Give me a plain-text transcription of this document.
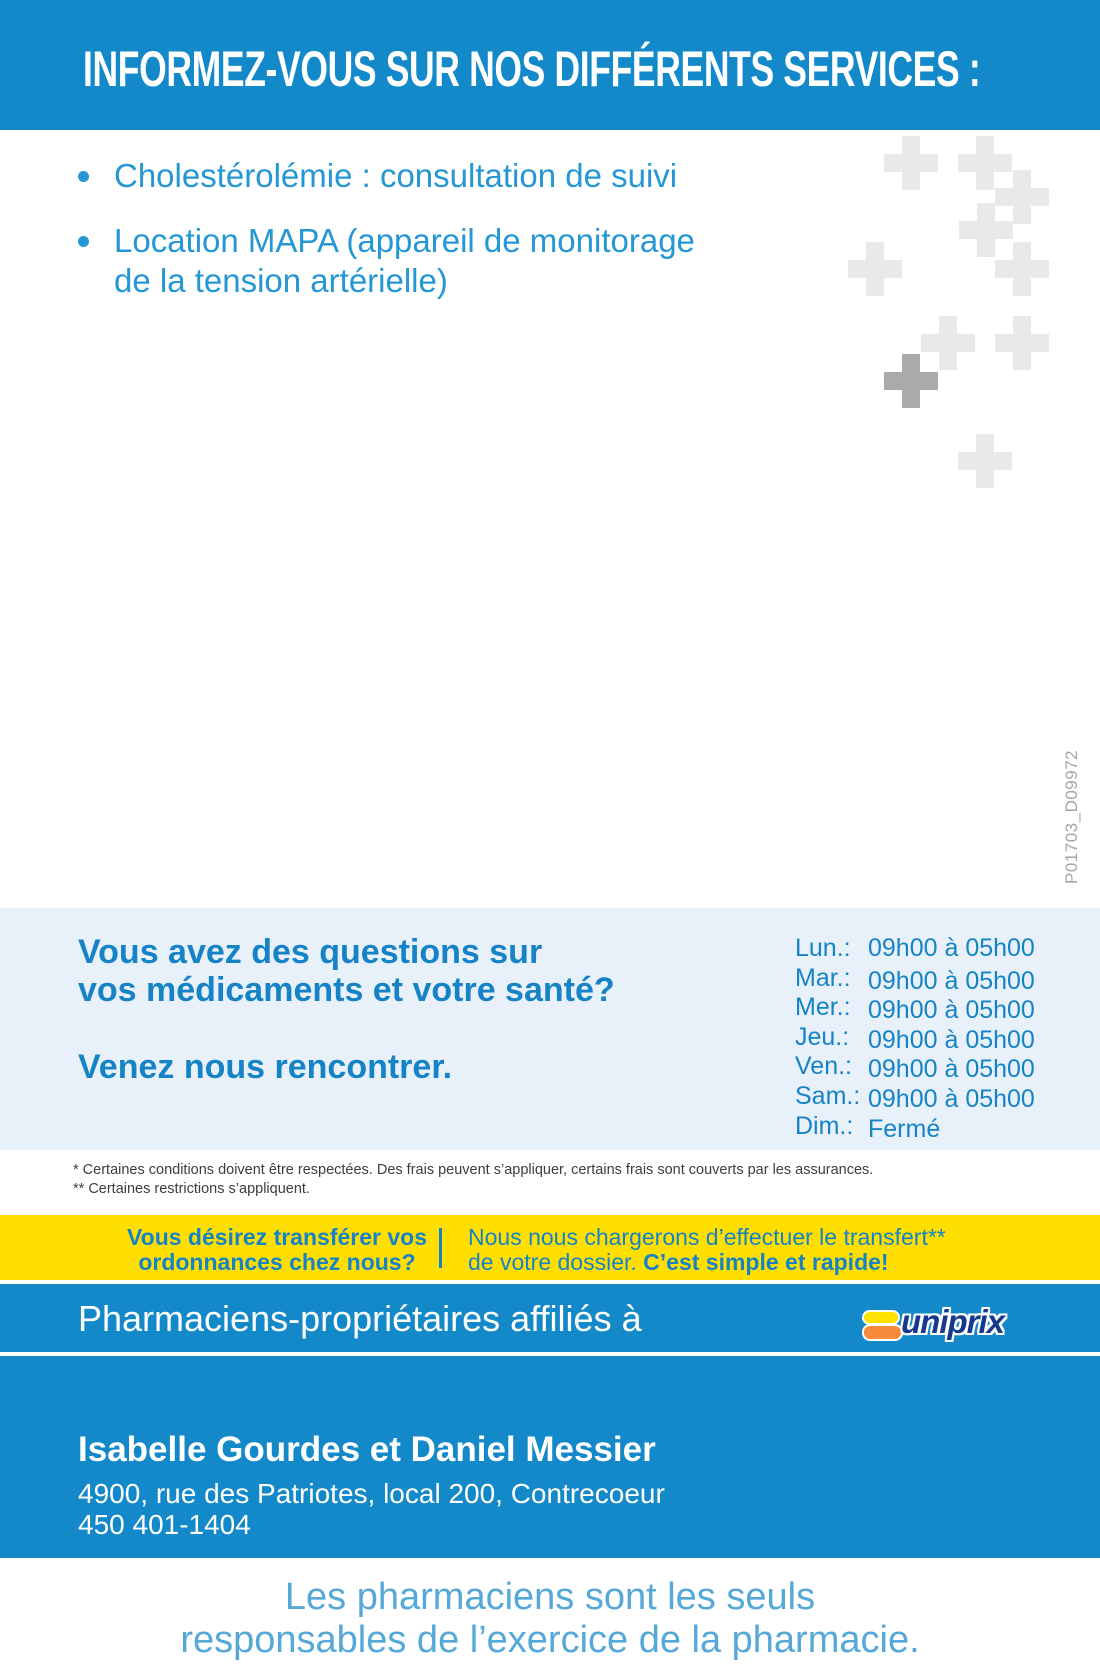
INFORMEZ-VOUS SUR NOS DIFFÉRENTS SERVICES :
Cholestérolémie : consultation de suivi
Location MAPA (appareil de monitorage
de la tension artérielle)
P01703_D09972
Vous avez des questions sur
vos médicaments et votre santé?
Venez nous rencontrer.
Lun.: 09h00 à 05h00
Mar.: 09h00 à 05h00
Mer.: 09h00 à 05h00
Jeu.: 09h00 à 05h00
Ven.: 09h00 à 05h00
Sam.: 09h00 à 05h00
Dim.: Fermé
* Certaines conditions doivent être respectées. Des frais peuvent s’appliquer, certains frais sont couverts par les assurances.
** Certaines restrictions s’appliquent.
Vous désirez transférer vos
ordonnances chez nous?
Nous nous chargerons d’effectuer le transfert**
de votre dossier. C’est simple et rapide!
Pharmaciens-propriétaires affiliés à	uniprix
Isabelle Gourdes et Daniel Messier
4900, rue des Patriotes, local 200, Contrecoeur
450 401-1404
Les pharmaciens sont les seuls
responsables de l’exercice de la pharmacie.
